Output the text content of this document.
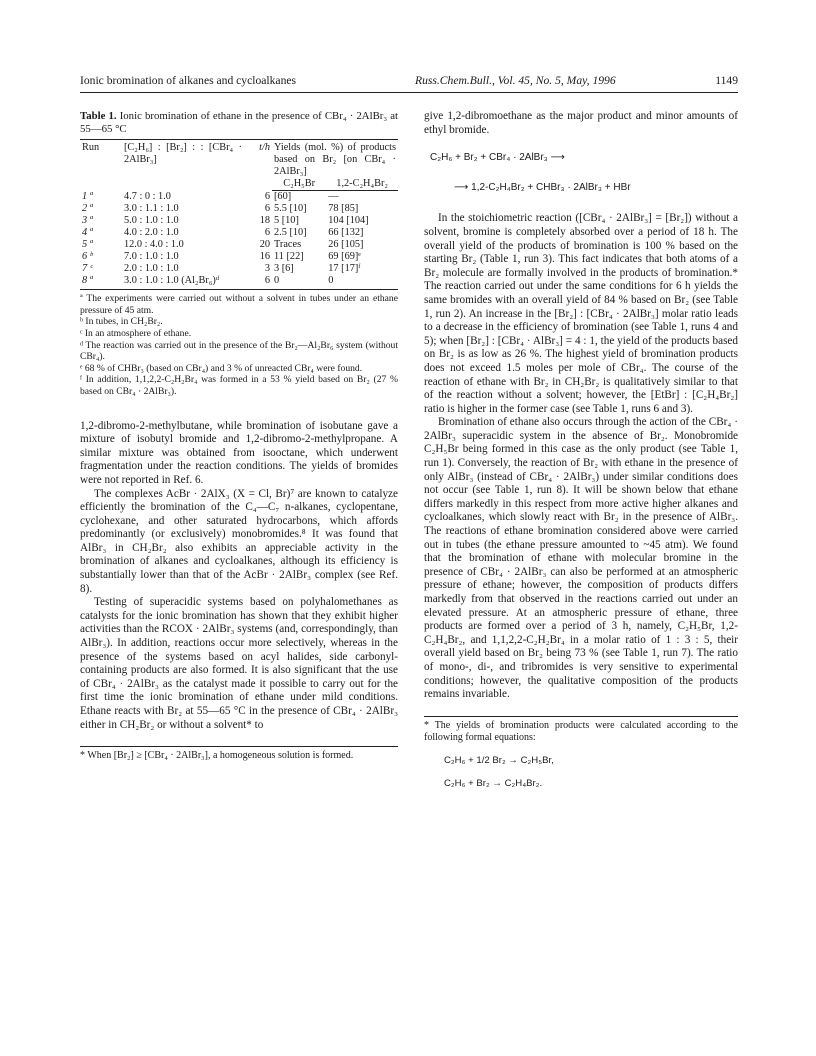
Ionic bromination of alkanes and cycloalkanes	Russ.Chem.Bull., Vol. 45, No. 5, May, 1996	1149
Table 1. Ionic bromination of ethane in the presence of CBr₄ · 2AlBr₃ at 55—65 °C
Run	[C₂H₆] : [Br₂] : : [CBr₄ · 2AlBr₃]	t/h	Yields (mol. %) of products based on Br₂ [on CBr₄ · 2AlBr₃]	
			C₂H₅Br	1,2-C₂H₄Br₂
1 ª	4.7 : 0 : 1.0	6	[60]	—
2 ª	3.0 : 1.1 : 1.0	6	5.5 [10]	78 [85]
3 ª	5.0 : 1.0 : 1.0	18	5 [10]	104 [104]
4 ª	4.0 : 2.0 : 1.0	6	2.5 [10]	66 [132]
5 ª	12.0 : 4.0 : 1.0	20	Traces	26 [105]
6 ᵇ	7.0 : 1.0 : 1.0	16	11 [22]	69 [69]ᵉ
7 ᶜ	2.0 : 1.0 : 1.0	3	3 [6]	17 [17]ᶠ
8 ª	3.0 : 1.0 : 1.0 (Al₂Br₆)ᵈ	6	0	0

ª The experiments were carried out without a solvent in tubes under an ethane pressure of 45 atm.

ᵇ In tubes, in CH₂Br₂.

ᶜ In an atmosphere of ethane.

ᵈ The reaction was carried out in the presence of the Br₂—Al₂Br₆ system (without CBr₄).

ᵉ 68 % of CHBr₃ (based on CBr₄) and 3 % of unreacted CBr₄ were found.

ᶠ In addition, 1,1,2,2-C₂H₂Br₄ was formed in a 53 % yield based on Br₂ (27 % based on CBr₄ · 2AlBr₃).

1,2-dibromo-2-methylbutane, while bromination of isobutane gave a mixture of isobutyl bromide and 1,2-dibromo-2-methylpropane. A similar mixture was obtained from isooctane, which underwent fragmentation under the reaction conditions. The yields of bromides were not reported in Ref. 6.

The complexes AcBr · 2AlX₃ (X = Cl, Br)⁷ are known to catalyze efficiently the bromination of the C₄—C₇ n-alkanes, cyclopentane, cyclohexane, and other saturated hydrocarbons, which affords predominantly (or exclusively) monobromides.⁸ It was found that AlBr₃ in CH₂Br₂ also exhibits an appreciable activity in the bromination of alkanes and cycloalkanes, although its efficiency is substantially lower than that of the AcBr · 2AlBr₃ complex (see Ref. 8).

Testing of superacidic systems based on polyhalomethanes as catalysts for the ionic bromination has shown that they exhibit higher activities than the RCOX · 2AlBr₃ systems (and, correspondingly, than AlBr₃). In addition, reactions occur more selectively, whereas in the presence of the systems based on acyl halides, side carbonyl-containing products are also formed. It is also significant that the use of CBr₄ · 2AlBr₃ as the catalyst made it possible to carry out for the first time the ionic bromination of ethane under mild conditions. Ethane reacts with Br₂ at 55—65 °C in the presence of CBr₄ · 2AlBr₃ either in CH₂Br₂ or without a solvent* to

* When [Br₂] ≥ [CBr₄ · 2AlBr₃], a homogeneous solution is formed.

give 1,2-dibromoethane as the major product and minor amounts of ethyl bromide.

C₂H₆ + Br₂ + CBr₄ · 2AlBr₃ ⟶
⟶ 1,2-C₂H₄Br₂ + CHBr₃ · 2AlBr₃ + HBr

In the stoichiometric reaction ([CBr₄ · 2AlBr₃] = [Br₂]) without a solvent, bromine is completely absorbed over a period of 18 h. The overall yield of the products of bromination is 100 % based on the starting Br₂ (Table 1, run 3). This fact indicates that both atoms of a Br₂ molecule are formally involved in the products of bromination.* The reaction carried out under the same conditions for 6 h yields the same bromides with an overall yield of 84 % based on Br₂ (see Table 1, run 2). An increase in the [Br₂] : [CBr₄ · 2AlBr₃] molar ratio leads to a decrease in the efficiency of bromination (see Table 1, runs 4 and 5); when [Br₂] : [CBr₄ · AlBr₃] = 4 : 1, the yield of the products based on Br₂ is as low as 26 %. The highest yield of bromination products does not exceed 1.5 moles per mole of CBr₄. The course of the reaction of ethane with Br₂ in CH₂Br₂ is qualitatively similar to that of the reaction without a solvent; however, the [EtBr] : [C₂H₄Br₂] ratio is higher in the former case (see Table 1, runs 6 and 3).

Bromination of ethane also occurs through the action of the CBr₄ · 2AlBr₃ superacidic system in the absence of Br₂. Monobromide C₂H₅Br being formed in this case as the only product (see Table 1, run 1). Conversely, the reaction of Br₂ with ethane in the presence of only AlBr₃ (instead of CBr₄ · 2AlBr₃) under similar conditions does not occur (see Table 1, run 8). It will be shown below that ethane differs markedly in this respect from more active higher alkanes and cycloalkanes, which slowly react with Br₂ in the presence of AlBr₃. The reactions of ethane bromination considered above were carried out in tubes (the ethane pressure amounted to ~45 atm). We found that the bromination of ethane with molecular bromine in the presence of CBr₄ · 2AlBr₃ can also be performed at an atmospheric pressure of ethane; however, the composition of products differs markedly from that observed in the reactions carried out under an elevated pressure. At an atmospheric pressure of ethane, three products are formed over a period of 3 h, namely, C₂H₅Br, 1,2-C₂H₄Br₂, and 1,1,2,2-C₂H₂Br₄ in a molar ratio of 1 : 3 : 5, their overall yield based on Br₂ being 73 % (see Table 1, run 7). The ratio of mono-, di-, and tribromides is very sensitive to experimental conditions; however, the qualitative composition of the products remains invariable.

* The yields of bromination products were calculated according to the following formal equations:
C₂H₆ + 1/2 Br₂ → C₂H₅Br,
C₂H₆ + Br₂ → C₂H₄Br₂.
